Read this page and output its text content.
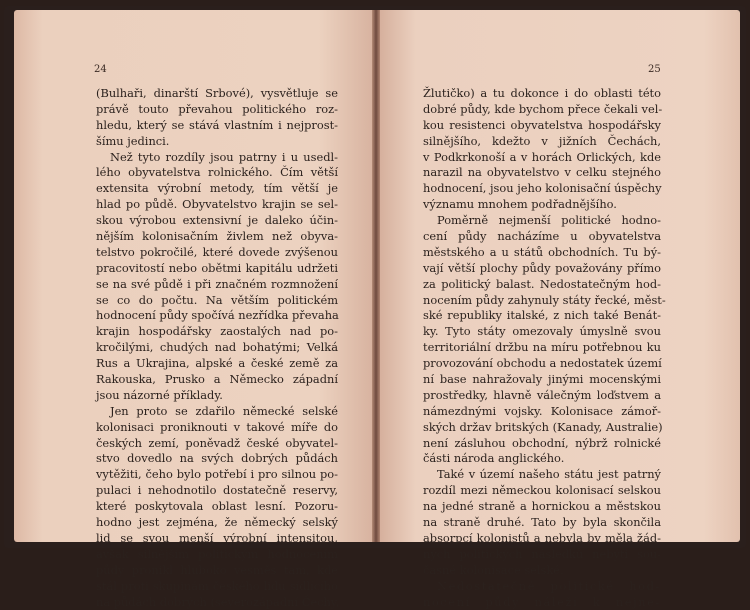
24
(Bulhaři, dinarští Srbové), vysvětluje se
právě touto převahou politického roz-
hledu, který se stává vlastním i nejprost-
šímu jedinci.
Než tyto rozdíly jsou patrny i u usedl-
lého obyvatelstva rolnického. Čím větší
extensita výrobní metody, tím větší je
hlad po půdě. Obyvatelstvo krajin se sel-
skou výrobou extensivní je daleko účin-
nějším kolonisačním živlem než obyva-
telstvo pokročilé, které dovede zvýšenou
pracovitostí nebo obětmi kapitálu udržeti
se na své půdě i při značném rozmnožení
se co do počtu. Na větším politickém
hodnocení půdy spočívá nezřídka převaha
krajin hospodářsky zaostalých nad po-
kročilými, chudých nad bohatými; Velká
Rus a Ukrajina, alpské a české země za
Rakouska, Prusko a Německo západní
jsou názorné příklady.
Jen proto se zdařilo německé selské
kolonisaci proniknouti v takové míře do
českých zemí, poněvadž české obyvatel-
stvo dovedlo na svých dobrých půdách
vytěžiti, čeho bylo potřebí i pro silnou po-
pulaci i nehodnotilo dostatečně reservy,
které poskytovala oblast lesní. Pozoru-
hodno jest zejména, že německý selský
lid se svou menší výrobní intensitou,
avšak silnějším politickým hodnocením
půdy pronikl hluboko vesměs tam, kde
stál proti skupinám českého lidu sídlícího
na půdách dobrých (severozápadní Čechy,
25
Žlutičko) a tu dokonce i do oblasti této
dobré půdy, kde bychom přece čekali vel-
kou resistenci obyvatelstva hospodářsky
silnějšího, kdežto v jižních Čechách,
v Podkrkonoší a v horách Orlických, kde
narazil na obyvatelstvo v celku stejného
hodnocení, jsou jeho kolonisační úspěchy
významu mnohem podřadnějšího.
Poměrně nejmenší politické hodno-
cení půdy nacházíme u obyvatelstva
městského a u států obchodních. Tu bý-
vají větší plochy půdy považovány přímo
za politický balast. Nedostatečným hod-
nocením půdy zahynuly státy řecké, měst-
ské republiky italské, z nich také Benát-
ky. Tyto státy omezovaly úmyslně svou
territoriální držbu na míru potřebnou ku
provozování obchodu a nedostatek území
ní base nahražovaly jinými mocenskými
prostředky, hlavně válečným loďstvem a
námezdnými vojsky. Kolonisace zámoř-
ských držav britských (Kanady, Australie)
není zásluhou obchodní, nýbrž rolnické
části národa anglického.
Také v území našeho státu jest patrný
rozdíl mezi německou kolonisací selskou
na jedné straně a hornickou a městskou
na straně druhé. Tato by byla skončila
absorpcí kolonistů a nebyla by měla žád-
ných politických následků nebýti sou-
časné kolonisace selské.
Nedostatečné politické hod-
nocení půdy náleží k nejne-
